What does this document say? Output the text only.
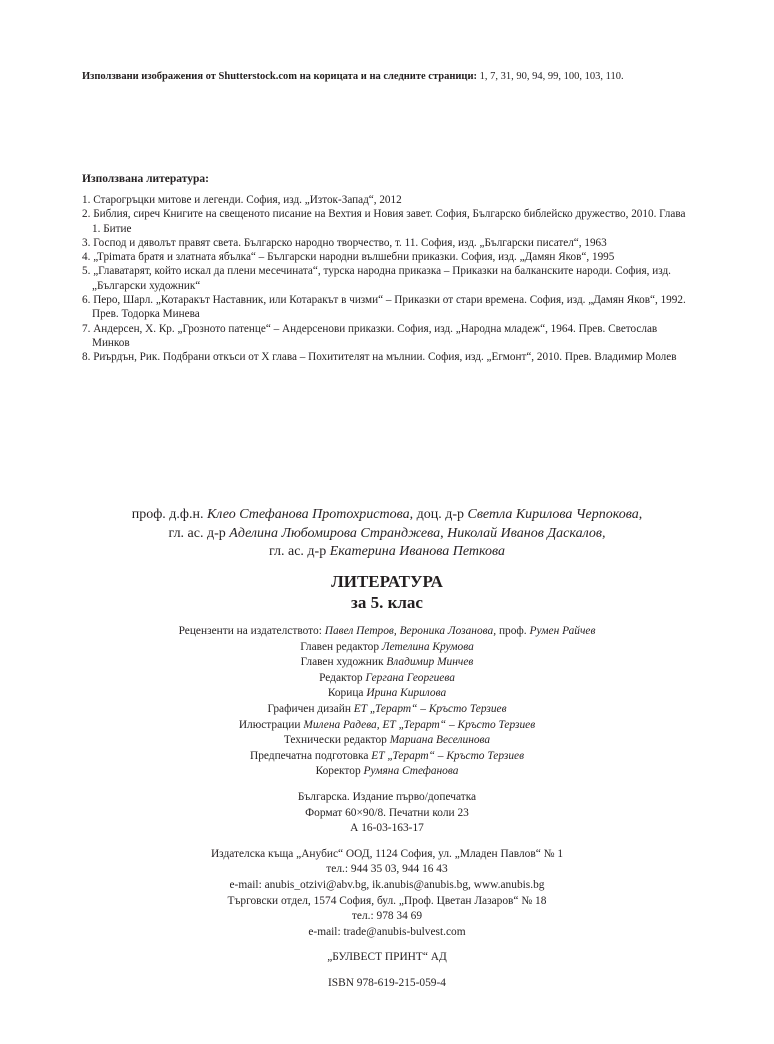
Използвани изображения от Shutterstock.com на корицата и на следните страници: 1, 7, 31, 90, 94, 99, 100, 103, 110.
Използвана литература:
1. Старогръцки митове и легенди. София, изд. „Изток-Запад“, 2012
2. Библия, сиреч Книгите на свещеното писание на Вехтия и Новия завет. София, Българско библейско дружество, 2010. Глава 1. Битие
3. Господ и дяволът правят света. Българско народно творчество, т. 11. София, изд. „Български писател“, 1963
4. „Трimата братя и златната ябълка“ – Български народни вълшебни приказки. София, изд. „Дамян Яков“, 1995
5. „Главатарят, който искал да плени месечината“, турска народна приказка – Приказки на балканските народи. София, изд. „Български художник“
6. Перо, Шарл. „Котаракът Наставник, или Котаракът в чизми“ – Приказки от стари времена. София, изд. „Дамян Яков“, 1992. Прев. Тодорка Минева
7. Андерсен, Х. Кр. „Грозното патенце“ – Андерсенови приказки. София, изд. „Народна младеж“, 1964. Прев. Светослав Минков
8. Риърдън, Рик. Подбрани откъси от Х глава – Похитителят на мълнии. София, изд. „Егмонт“, 2010. Прев. Владимир Молев
проф. д.ф.н. Клео Стефанова Протохристова, доц. д-р Светла Кирилова Черпокова,
гл. ас. д-р Аделина Любомирова Странджева, Николай Иванов Даскалов,
гл. ас. д-р Екатерина Иванова Петкова
ЛИТЕРАТУРА
за 5. клас
Рецензенти на издателството: Павел Петров, Вероника Лозанова, проф. Румен Райчев
Главен редактор Летелина Крумова
Главен художник Владимир Минчев
Редактор Гергана Георгиева
Корица Ирина Кирилова
Графичен дизайн ЕТ „Терарт“ – Кръсто Терзиев
Илюстрации Милена Радева, ЕТ „Терарт“ – Кръсто Терзиев
Технически редактор Мариана Веселинова
Предпечатна подготовка ЕТ „Терарт“ – Кръсто Терзиев
Коректор Румяна Стефанова
Българска. Издание първо/допечатка
Формат 60×90/8. Печатни коли 23
А 16-03-163-17
Издателска къща „Анубис“ ООД, 1124 София, ул. „Младен Павлов“ № 1
тел.: 944 35 03, 944 16 43
e-mail: anubis_otzivi@abv.bg, ik.anubis@anubis.bg, www.anubis.bg
Търговски отдел, 1574 София, бул. „Проф. Цветан Лазаров“ № 18
тел.: 978 34 69
e-mail: trade@anubis-bulvest.com
„БУЛВЕСТ ПРИНТ“ АД
ISBN 978-619-215-059-4
